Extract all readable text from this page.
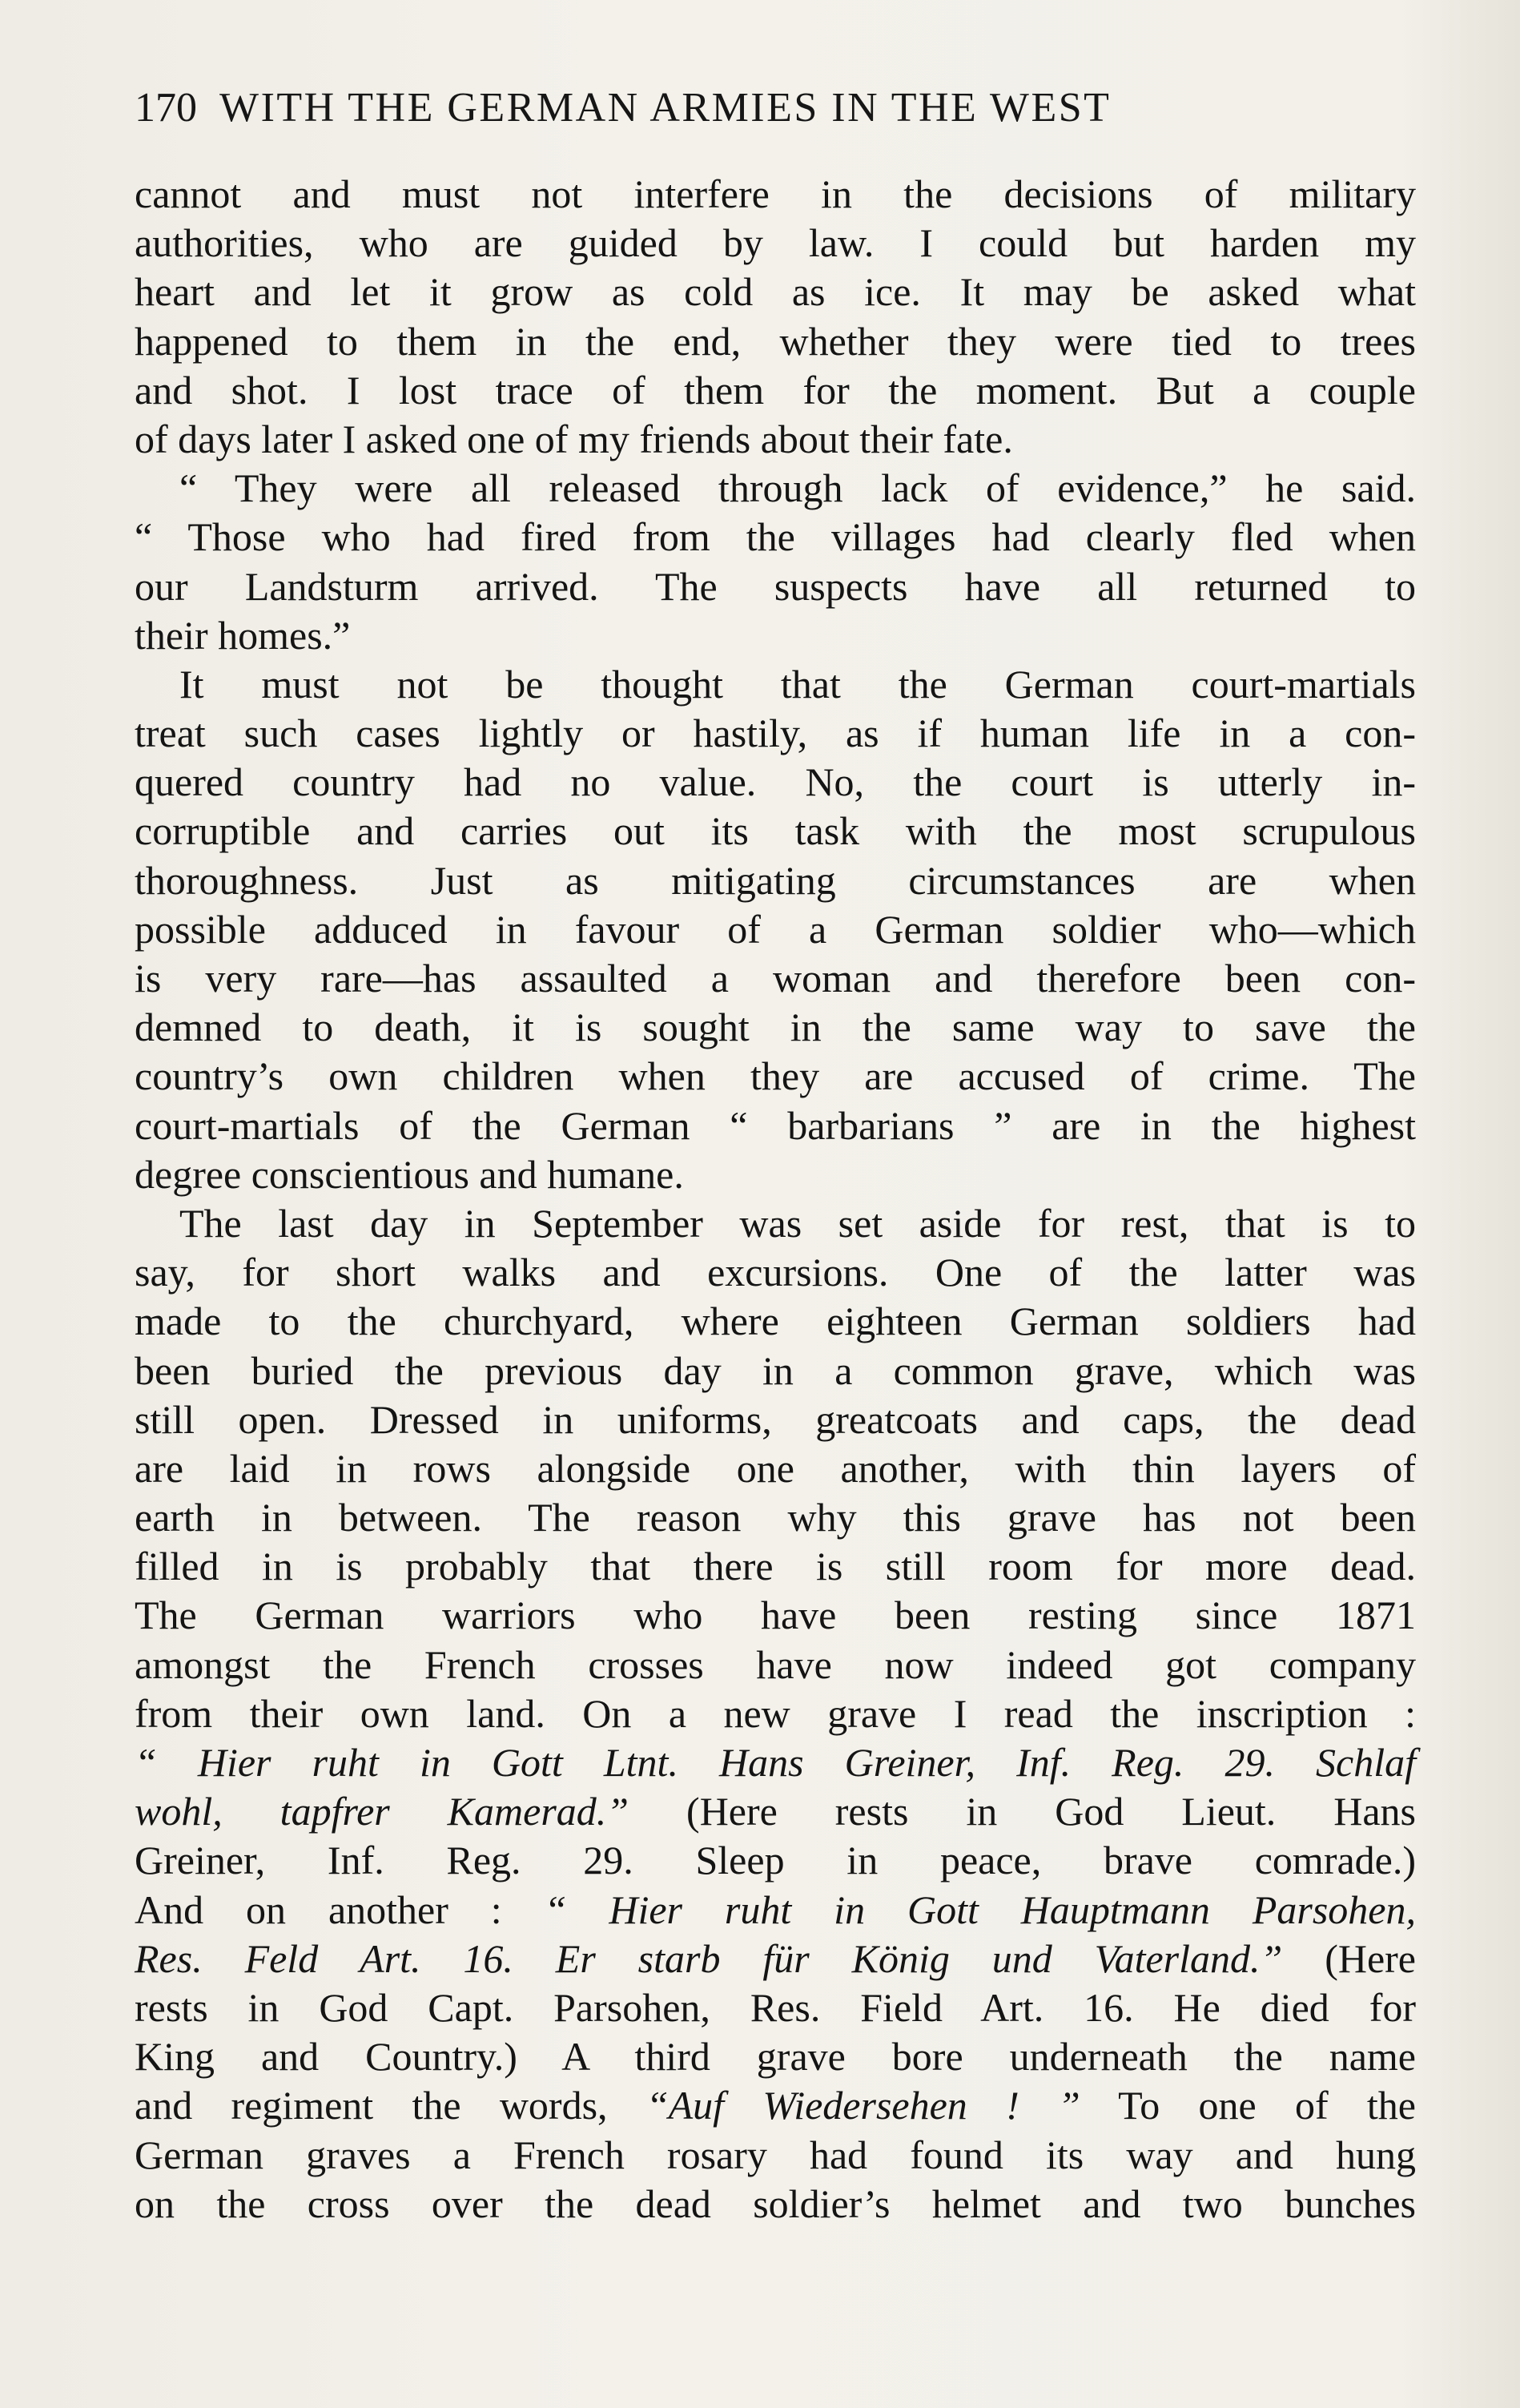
170 WITH THE GERMAN ARMIES IN THE WEST
cannot and must not interfere in the decisions of military
authorities, who are guided by law. I could but harden my
heart and let it grow as cold as ice. It may be asked what
happened to them in the end, whether they were tied to trees
and shot. I lost trace of them for the moment. But a couple
of days later I asked one of my friends about their fate.
“ They were all released through lack of evidence,” he said.
“ Those who had fired from the villages had clearly fled when
our Landsturm arrived. The suspects have all returned to
their homes.”
It must not be thought that the German court-martials
treat such cases lightly or hastily, as if human life in a con-
quered country had no value. No, the court is utterly in-
corruptible and carries out its task with the most scrupulous
thoroughness. Just as mitigating circumstances are when
possible adduced in favour of a German soldier who—which
is very rare—has assaulted a woman and therefore been con-
demned to death, it is sought in the same way to save the
country’s own children when they are accused of crime. The
court-martials of the German “ barbarians ” are in the highest
degree conscientious and humane.
The last day in September was set aside for rest, that is to
say, for short walks and excursions. One of the latter was
made to the churchyard, where eighteen German soldiers had
been buried the previous day in a common grave, which was
still open. Dressed in uniforms, greatcoats and caps, the dead
are laid in rows alongside one another, with thin layers of
earth in between. The reason why this grave has not been
filled in is probably that there is still room for more dead.
The German warriors who have been resting since 1871
amongst the French crosses have now indeed got company
from their own land. On a new grave I read the inscription :
“ Hier ruht in Gott Ltnt. Hans Greiner, Inf. Reg. 29. Schlaf
wohl, tapfrer Kamerad.” (Here rests in God Lieut. Hans
Greiner, Inf. Reg. 29. Sleep in peace, brave comrade.)
And on another : “ Hier ruht in Gott Hauptmann Parsohen,
Res. Feld Art. 16. Er starb für König und Vaterland.” (Here
rests in God Capt. Parsohen, Res. Field Art. 16. He died for
King and Country.) A third grave bore underneath the name
and regiment the words, “Auf Wiedersehen ! ” To one of the
German graves a French rosary had found its way and hung
on the cross over the dead soldier’s helmet and two bunches
